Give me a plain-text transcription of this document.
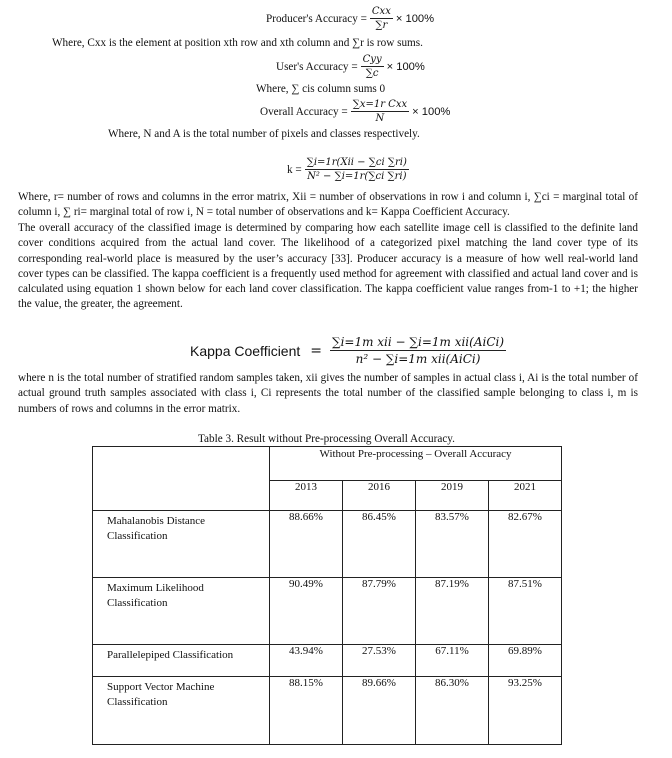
Producer's Accuracy = $\frac{\text{Cxx}}{\sum r} \times 100\%$
Where, Cxx is the element at position xth row and xth column and ∑r is row sums.
User's Accuracy = $\frac{\text{Cyy}}{\sum c} \times 100\%$
Where, ∑ cis column sums 0
Overall Accuracy = $\frac{\text{∑x=1r Cxx}}{N} \times 100\%$
Where, N and A is the total number of pixels and classes respectively.
$k = \frac{\text{∑i=1r(Xii − ∑ci ∑ri)}}{\text{N² − ∑i=1r(∑ci ∑ri)}}$
Where, r= number of rows and columns in the error matrix, Xii = number of observations in row i and column i, ∑ci = marginal total of column i, ∑ ri= marginal total of row i, N = total number of observations and k= Kappa Coefficient Accuracy.
The overall accuracy of the classified image is determined by comparing how each satellite image cell is classified to the definite land cover conditions acquired from the actual land cover. The likelihood of a categorized pixel matching the land cover type of its corresponding real-world place is measured by the user’s accuracy [33]. Producer accuracy is a measure of how well real-world land cover types can be classified. The kappa coefficient is a frequently used method for agreement with classified and actual land cover and is calculated using equation 1 shown below for each land cover classification. The kappa coefficient value ranges from-1 to +1; the higher the value, the greater, the agreement.
Kappa Coefficient = $\frac{\text{∑i=1m xii − ∑i=1m xii(AiCi)}}{\text{n² − ∑i=1m xii(AiCi)}}$
where n is the total number of stratified random samples taken, xii gives the number of samples in actual class i, Ai is the total number of actual ground truth samples associated with class i, Ci represents the total number of the classified sample belonging to class i, m is numbers of rows and columns in the error matrix.
Table 3. Result without Pre-processing Overall Accuracy.

	Without Pre-processing – Overall Accuracy			

	2013	2016	2019	2021

Mahalanobis Distance Classification	88.66%	86.45%	83.57%	82.67%

Maximum Likelihood Classification	90.49%	87.79%	87.19%	87.51%

Parallelepiped Classification	43.94%	27.53%	67.11%	69.89%

Support Vector Machine Classification	88.15%	89.66%	86.30%	93.25%
